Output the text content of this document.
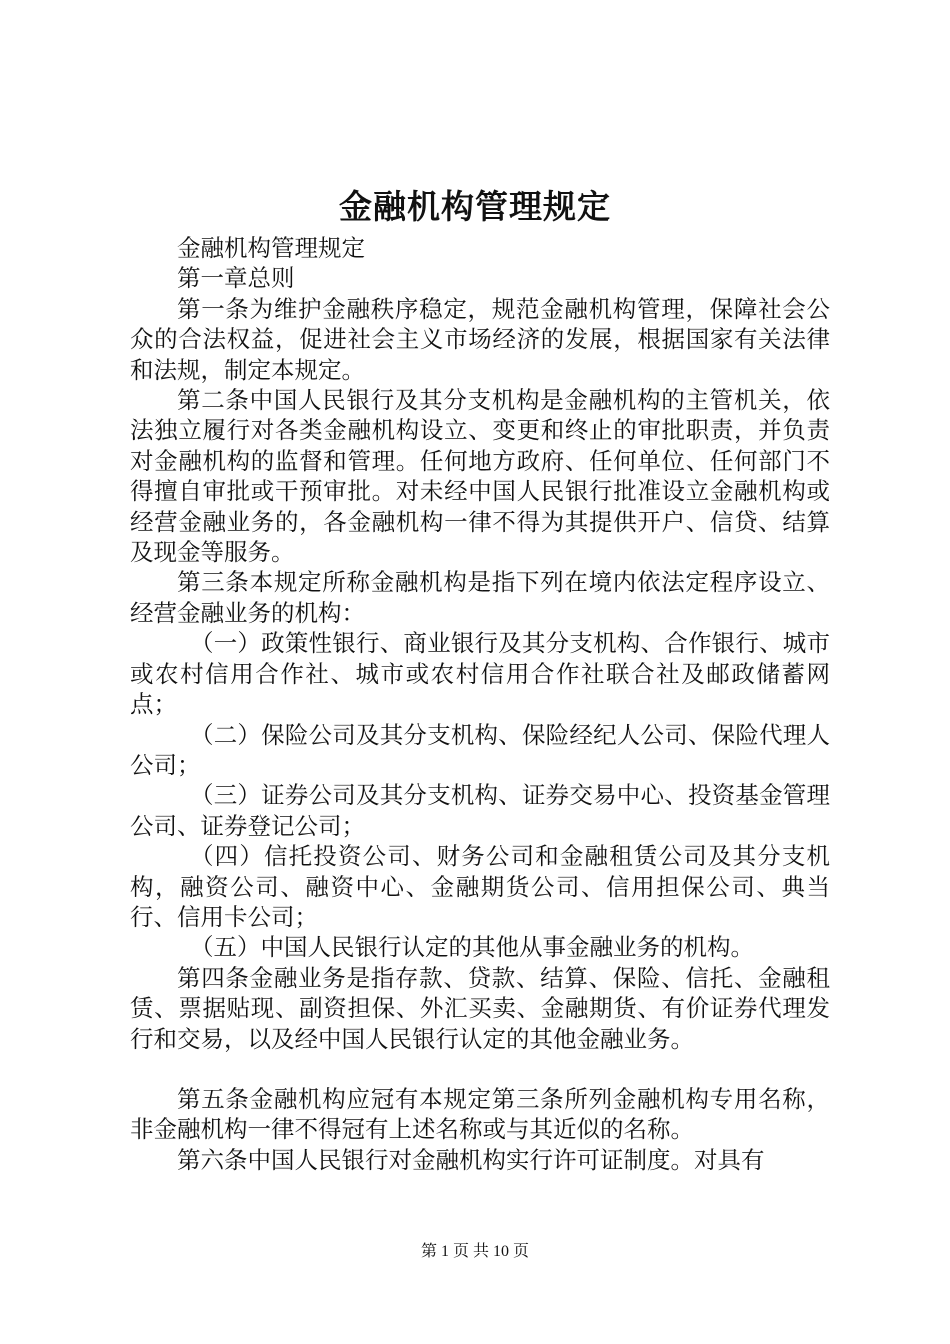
金融机构管理规定

金融机构管理规定

第一章总则

第一条为维护金融秩序稳定，规范金融机构管理，保障社会公众的合法权益，促进社会主义市场经济的发展，根据国家有关法律和法规，制定本规定。

第二条中国人民银行及其分支机构是金融机构的主管机关，依法独立履行对各类金融机构设立、变更和终止的审批职责，并负责对金融机构的监督和管理。任何地方政府、任何单位、任何部门不得擅自审批或干预审批。对未经中国人民银行批准设立金融机构或经营金融业务的，各金融机构一律不得为其提供开户、信贷、结算及现金等服务。

第三条本规定所称金融机构是指下列在境内依法定程序设立、经营金融业务的机构：

（一）政策性银行、商业银行及其分支机构、合作银行、城市或农村信用合作社、城市或农村信用合作社联合社及邮政储蓄网点；

（二）保险公司及其分支机构、保险经纪人公司、保险代理人公司；

（三）证券公司及其分支机构、证券交易中心、投资基金管理公司、证券登记公司；

（四）信托投资公司、财务公司和金融租赁公司及其分支机构，融资公司、融资中心、金融期货公司、信用担保公司、典当行、信用卡公司；

（五）中国人民银行认定的其他从事金融业务的机构。

第四条金融业务是指存款、贷款、结算、保险、信托、金融租赁、票据贴现、副资担保、外汇买卖、金融期货、有价证券代理发行和交易，以及经中国人民银行认定的其他金融业务。

第五条金融机构应冠有本规定第三条所列金融机构专用名称，非金融机构一律不得冠有上述名称或与其近似的名称。

第六条中国人民银行对金融机构实行许可证制度。对具有

第 1 页 共 10 页
